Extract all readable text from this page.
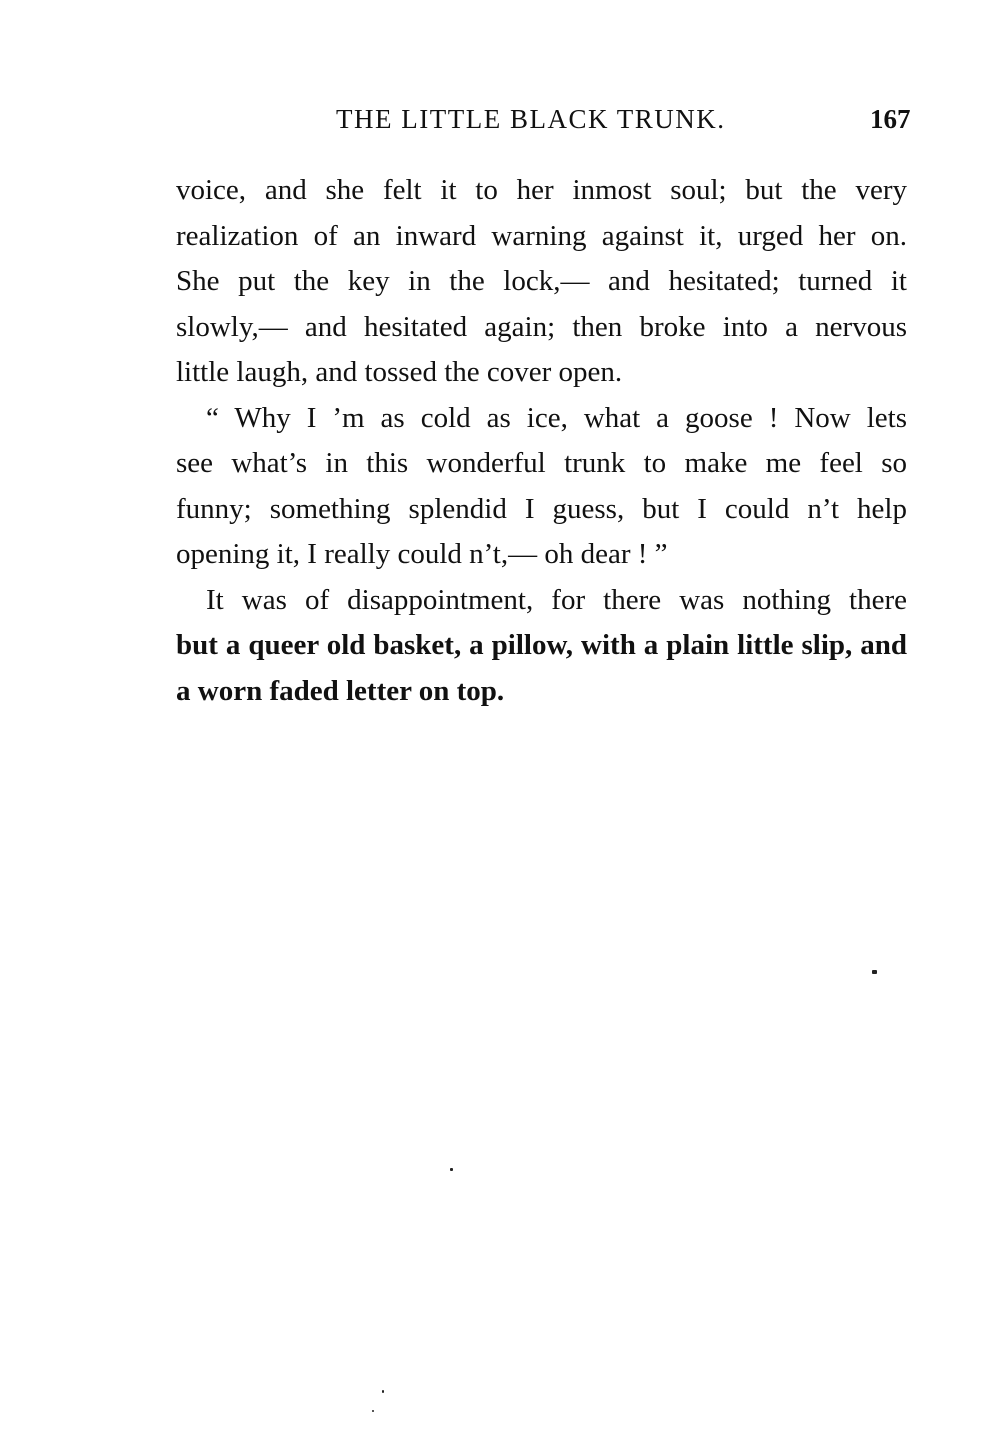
THE LITTLE BLACK TRUNK.	167
voice, and she felt it to her inmost soul; but the very
realization of an inward warning against it, urged her on.
She put the key in the lock,— and hesitated; turned it
slowly,— and hesitated again; then broke into a nervous
little laugh, and tossed the cover open.
“ Why I ’m as cold as ice, what a goose ! Now lets
see what’s in this wonderful trunk to make me feel so
funny; something splendid I guess, but I could n’t help
opening it, I really could n’t,— oh dear ! ”
It was of disappointment, for there was nothing there
but a queer old basket, a pillow, with a plain little slip, and
a worn faded letter on top.
